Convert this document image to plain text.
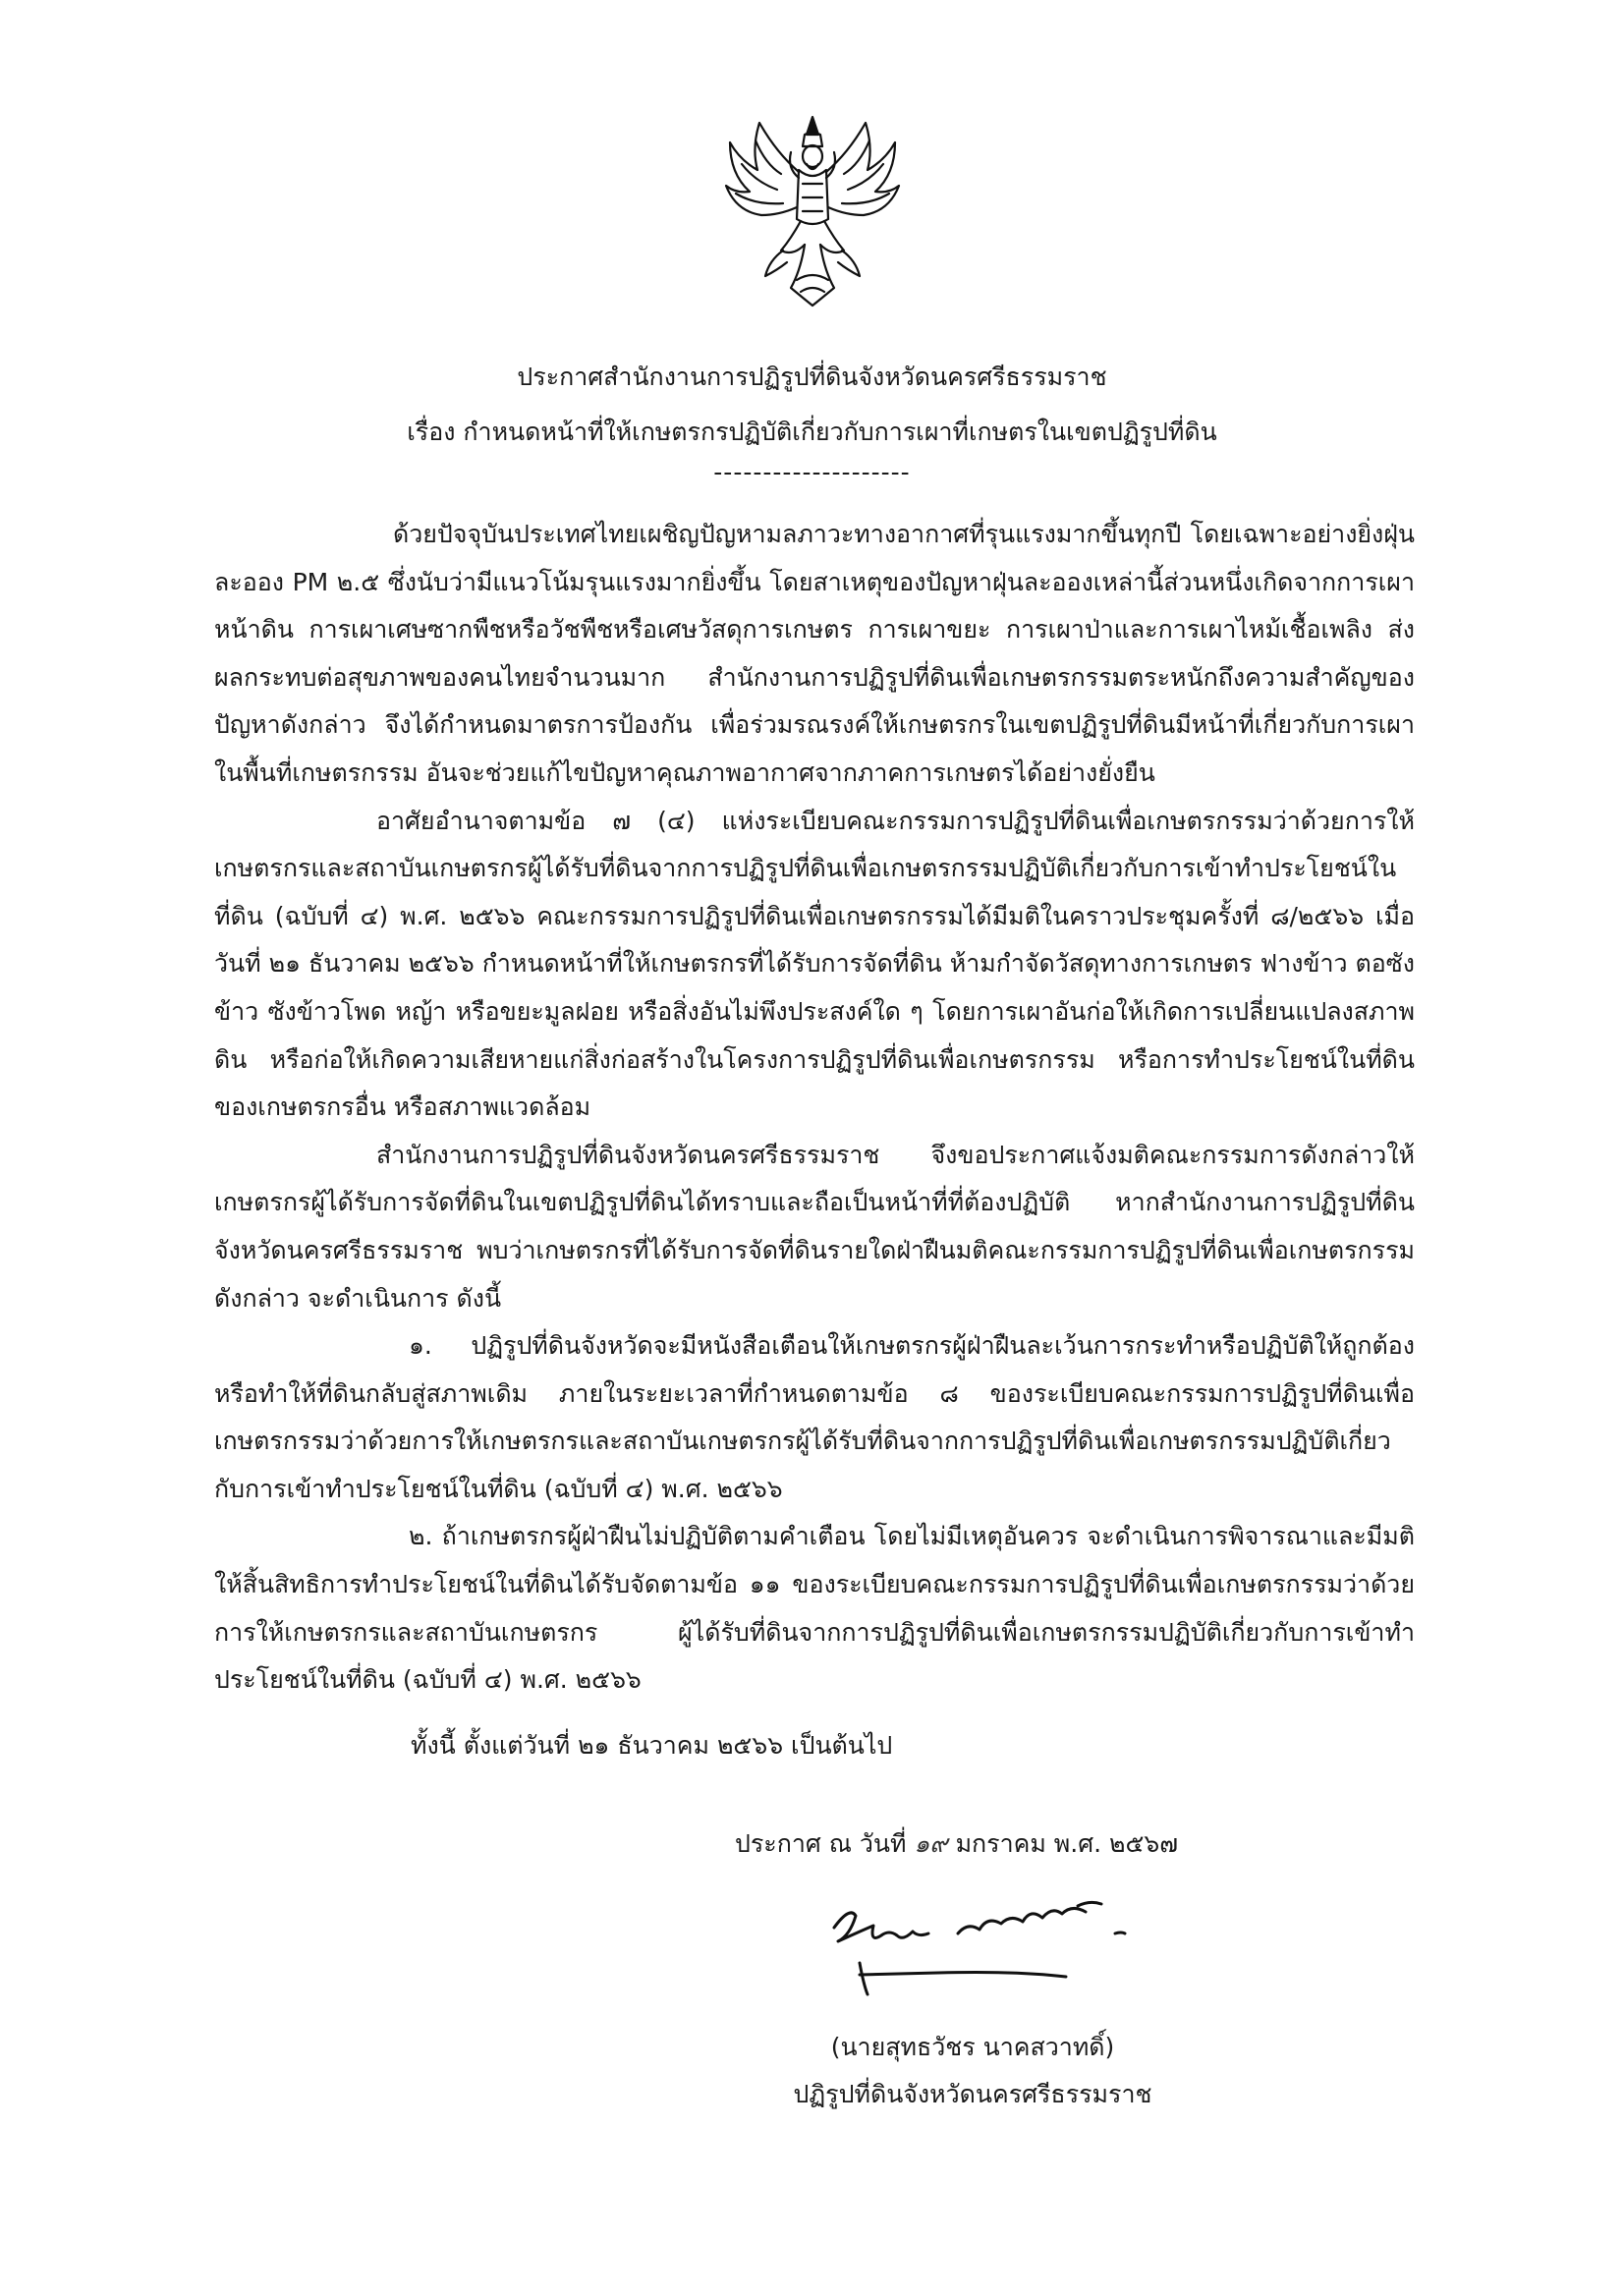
ประกาศสำนักงานการปฏิรูปที่ดินจังหวัดนครศรีธรรมราช
เรื่อง กำหนดหน้าที่ให้เกษตรกรปฏิบัติเกี่ยวกับการเผาที่เกษตรในเขตปฏิรูปที่ดิน
--------------------

ด้วยปัจจุบันประเทศไทยเผชิญปัญหามลภาวะทางอากาศที่รุนแรงมากขึ้นทุกปี โดยเฉพาะอย่างยิ่งฝุ่นละออง PM ๒.๕ ซึ่งนับว่ามีแนวโน้มรุนแรงมากยิ่งขึ้น โดยสาเหตุของปัญหาฝุ่นละอองเหล่านี้ส่วนหนึ่งเกิดจากการเผาหน้าดิน การเผาเศษซากพืชหรือวัชพืชหรือเศษวัสดุการเกษตร การเผาขยะ การเผาป่าและการเผาไหม้เชื้อเพลิง ส่งผลกระทบต่อสุขภาพของคนไทยจำนวนมาก สำนักงานการปฏิรูปที่ดินเพื่อเกษตรกรรมตระหนักถึงความสำคัญของปัญหาดังกล่าว จึงได้กำหนดมาตรการป้องกัน เพื่อร่วมรณรงค์ให้เกษตรกรในเขตปฏิรูปที่ดินมีหน้าที่เกี่ยวกับการเผาในพื้นที่เกษตรกรรม อันจะช่วยแก้ไขปัญหาคุณภาพอากาศจากภาคการเกษตรได้อย่างยั่งยืน

อาศัยอำนาจตามข้อ ๗ (๔) แห่งระเบียบคณะกรรมการปฏิรูปที่ดินเพื่อเกษตรกรรมว่าด้วยการให้เกษตรกรและสถาบันเกษตรกรผู้ได้รับที่ดินจากการปฏิรูปที่ดินเพื่อเกษตรกรรมปฏิบัติเกี่ยวกับการเข้าทำประโยชน์ในที่ดิน (ฉบับที่ ๔) พ.ศ. ๒๕๖๖ คณะกรรมการปฏิรูปที่ดินเพื่อเกษตรกรรมได้มีมติในคราวประชุมครั้งที่ ๘/๒๕๖๖ เมื่อวันที่ ๒๑ ธันวาคม ๒๕๖๖ กำหนดหน้าที่ให้เกษตรกรที่ได้รับการจัดที่ดิน ห้ามกำจัดวัสดุทางการเกษตร ฟางข้าว ตอซังข้าว ซังข้าวโพด หญ้า หรือขยะมูลฝอย หรือสิ่งอันไม่พึงประสงค์ใด ๆ โดยการเผาอันก่อให้เกิดการเปลี่ยนแปลงสภาพดิน หรือก่อให้เกิดความเสียหายแก่สิ่งก่อสร้างในโครงการปฏิรูปที่ดินเพื่อเกษตรกรรม หรือการทำประโยชน์ในที่ดินของเกษตรกรอื่น หรือสภาพแวดล้อม

สำนักงานการปฏิรูปที่ดินจังหวัดนครศรีธรรมราช จึงขอประกาศแจ้งมติคณะกรรมการดังกล่าวให้เกษตรกรผู้ได้รับการจัดที่ดินในเขตปฏิรูปที่ดินได้ทราบและถือเป็นหน้าที่ที่ต้องปฏิบัติ หากสำนักงานการปฏิรูปที่ดินจังหวัดนครศรีธรรมราช พบว่าเกษตรกรที่ได้รับการจัดที่ดินรายใดฝ่าฝืนมติคณะกรรมการปฏิรูปที่ดินเพื่อเกษตรกรรมดังกล่าว จะดำเนินการ ดังนี้

๑. ปฏิรูปที่ดินจังหวัดจะมีหนังสือเตือนให้เกษตรกรผู้ฝ่าฝืนละเว้นการกระทำหรือปฏิบัติให้ถูกต้องหรือทำให้ที่ดินกลับสู่สภาพเดิม ภายในระยะเวลาที่กำหนดตามข้อ ๘ ของระเบียบคณะกรรมการปฏิรูปที่ดินเพื่อเกษตรกรรมว่าด้วยการให้เกษตรกรและสถาบันเกษตรกรผู้ได้รับที่ดินจากการปฏิรูปที่ดินเพื่อเกษตรกรรมปฏิบัติเกี่ยวกับการเข้าทำประโยชน์ในที่ดิน (ฉบับที่ ๔) พ.ศ. ๒๕๖๖

๒. ถ้าเกษตรกรผู้ฝ่าฝืนไม่ปฏิบัติตามคำเตือน โดยไม่มีเหตุอันควร จะดำเนินการพิจารณาและมีมติให้สิ้นสิทธิการทำประโยชน์ในที่ดินได้รับจัดตามข้อ ๑๑ ของระเบียบคณะกรรมการปฏิรูปที่ดินเพื่อเกษตรกรรมว่าด้วยการให้เกษตรกรและสถาบันเกษตรกร ผู้ได้รับที่ดินจากการปฏิรูปที่ดินเพื่อเกษตรกรรมปฏิบัติเกี่ยวกับการเข้าทำประโยชน์ในที่ดิน (ฉบับที่ ๔) พ.ศ. ๒๕๖๖

ทั้งนี้ ตั้งแต่วันที่ ๒๑ ธันวาคม ๒๕๖๖ เป็นต้นไป

ประกาศ ณ วันที่ ๑๙ มกราคม พ.ศ. ๒๕๖๗
(นายสุทธวัชร นาคสวาทดิ์)
ปฏิรูปที่ดินจังหวัดนครศรีธรรมราช
